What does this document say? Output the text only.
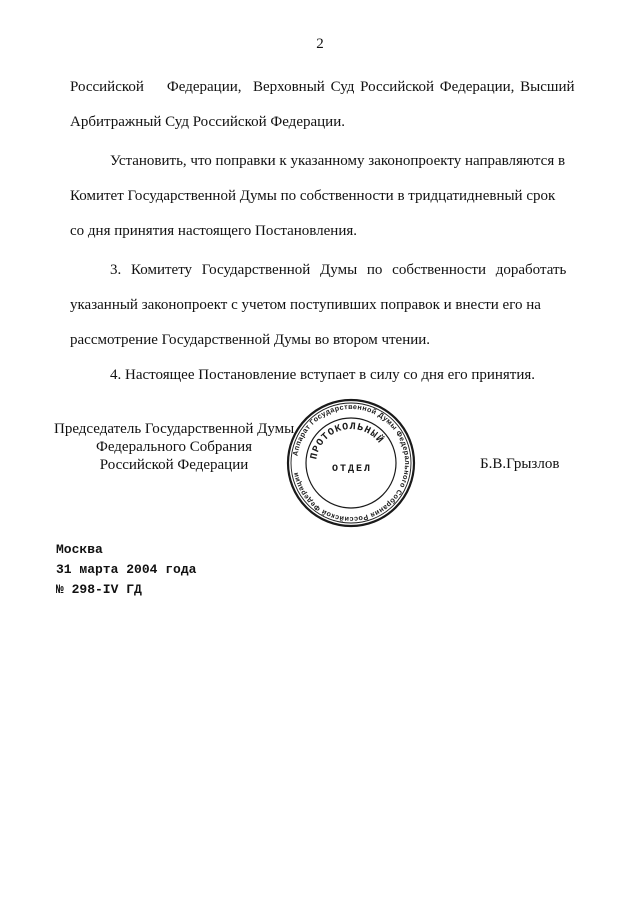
2

Российской    Федерации,  Верховный Суд Российской Федерации, Высший
Арбитражный Суд Российской Федерации.

Установить, что поправки к указанному законопроекту направляются в
Комитет Государственной Думы по собственности в тридцатидневный срок
со дня принятия настоящего Постановления.

3. Комитету Государственной Думы по собственности доработать
указанный законопроект с учетом поступивших поправок и внести его на
рассмотрение Государственной Думы во втором чтении.

4. Настоящее Постановление вступает в силу со дня его принятия.

Председатель Государственной Думы
Федерального Собрания
Российской Федерации
Аппарат Государственной Думы Федерального Собрания Российской Федерации
ПРОТОКОЛЬНЫЙ
ОТДЕЛ	Б.В.Грызлов
Москва
31 марта 2004 года
№ 298-IV ГД
